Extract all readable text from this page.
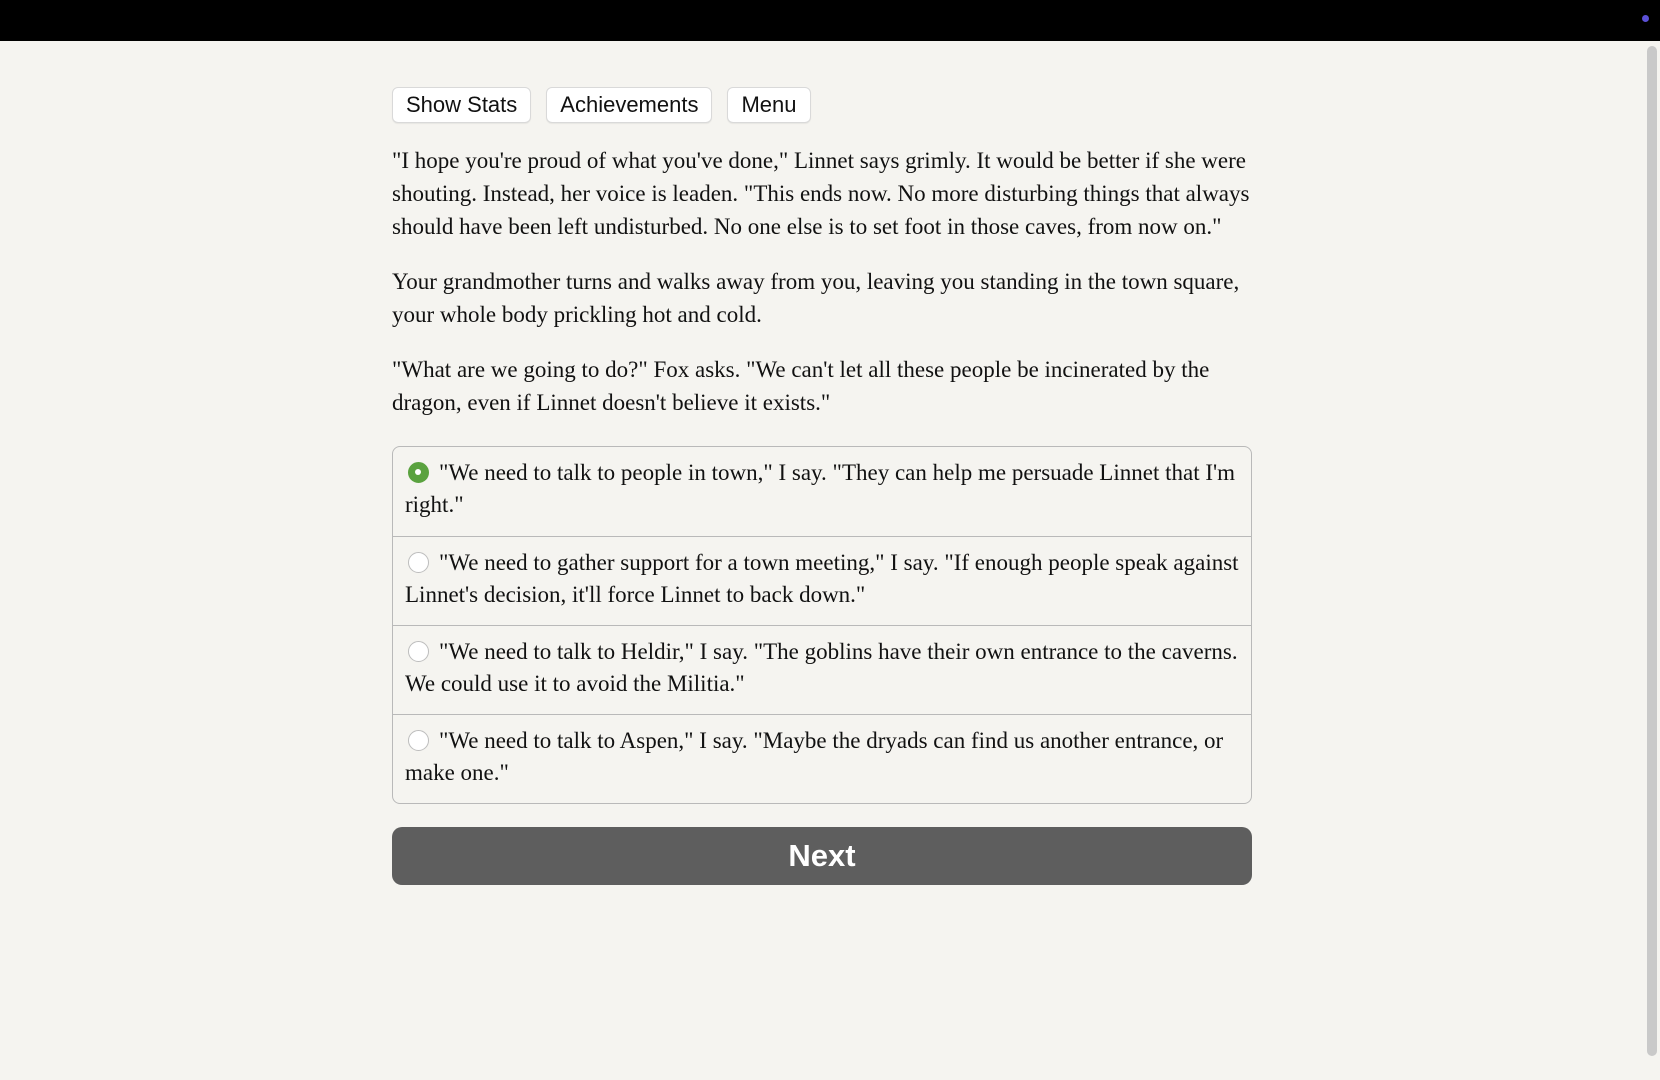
Show Stats	Achievements	Menu

"I hope you're proud of what you've done," Linnet says grimly. It would be better if she were shouting. Instead, her voice is leaden. "This ends now. No more disturbing things that always should have been left undisturbed. No one else is to set foot in those caves, from now on."

Your grandmother turns and walks away from you, leaving you standing in the town square, your whole body prickling hot and cold.

"What are we going to do?" Fox asks. "We can't let all these people be incinerated by the dragon, even if Linnet doesn't believe it exists."

"We need to talk to people in town," I say. "They can help me persuade Linnet that I'm right."
"We need to gather support for a town meeting," I say. "If enough people speak against Linnet's decision, it'll force Linnet to back down."
"We need to talk to Heldir," I say. "The goblins have their own entrance to the caverns. We could use it to avoid the Militia."
"We need to talk to Aspen," I say. "Maybe the dryads can find us another entrance, or make one."
Next
